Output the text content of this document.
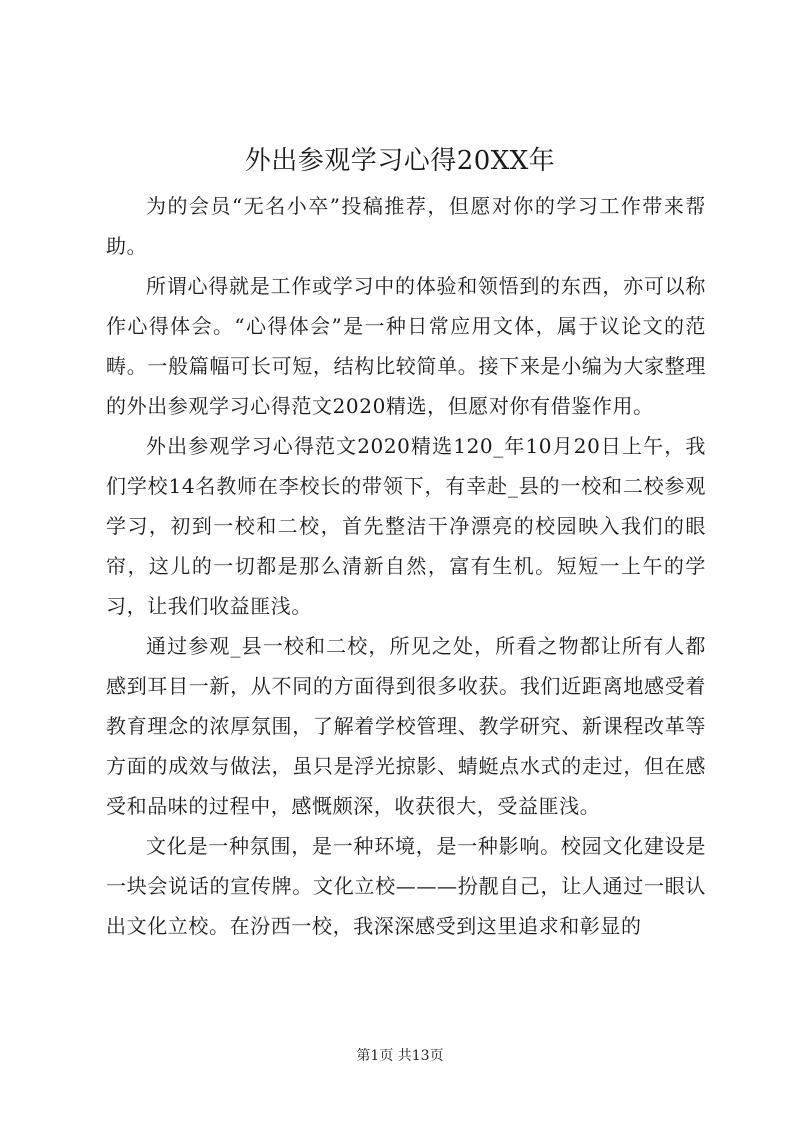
外出参观学习心得20XX年

为的会员“无名小卒”投稿推荐，但愿对你的学习工作带来帮助。

所谓心得就是工作或学习中的体验和领悟到的东西，亦可以称作心得体会。“心得体会”是一种日常应用文体，属于议论文的范畴。一般篇幅可长可短，结构比较简单。接下来是小编为大家整理的外出参观学习心得范文2020精选，但愿对你有借鉴作用。

外出参观学习心得范文2020精选120_年10月20日上午，我们学校14名教师在李校长的带领下，有幸赴_县的一校和二校参观学习，初到一校和二校，首先整洁干净漂亮的校园映入我们的眼帘，这儿的一切都是那么清新自然，富有生机。短短一上午的学习，让我们收益匪浅。

通过参观_县一校和二校，所见之处，所看之物都让所有人都感到耳目一新，从不同的方面得到很多收获。我们近距离地感受着教育理念的浓厚氛围，了解着学校管理、教学研究、新课程改革等方面的成效与做法，虽只是浮光掠影、蜻蜓点水式的走过，但在感受和品味的过程中，感慨颇深，收获很大，受益匪浅。

文化是一种氛围，是一种环境，是一种影响。校园文化建设是一块会说话的宣传牌。文化立校———扮靓自己，让人通过一眼认出文化立校。在汾西一校，我深深感受到这里追求和彰显的

第1页 共13页
